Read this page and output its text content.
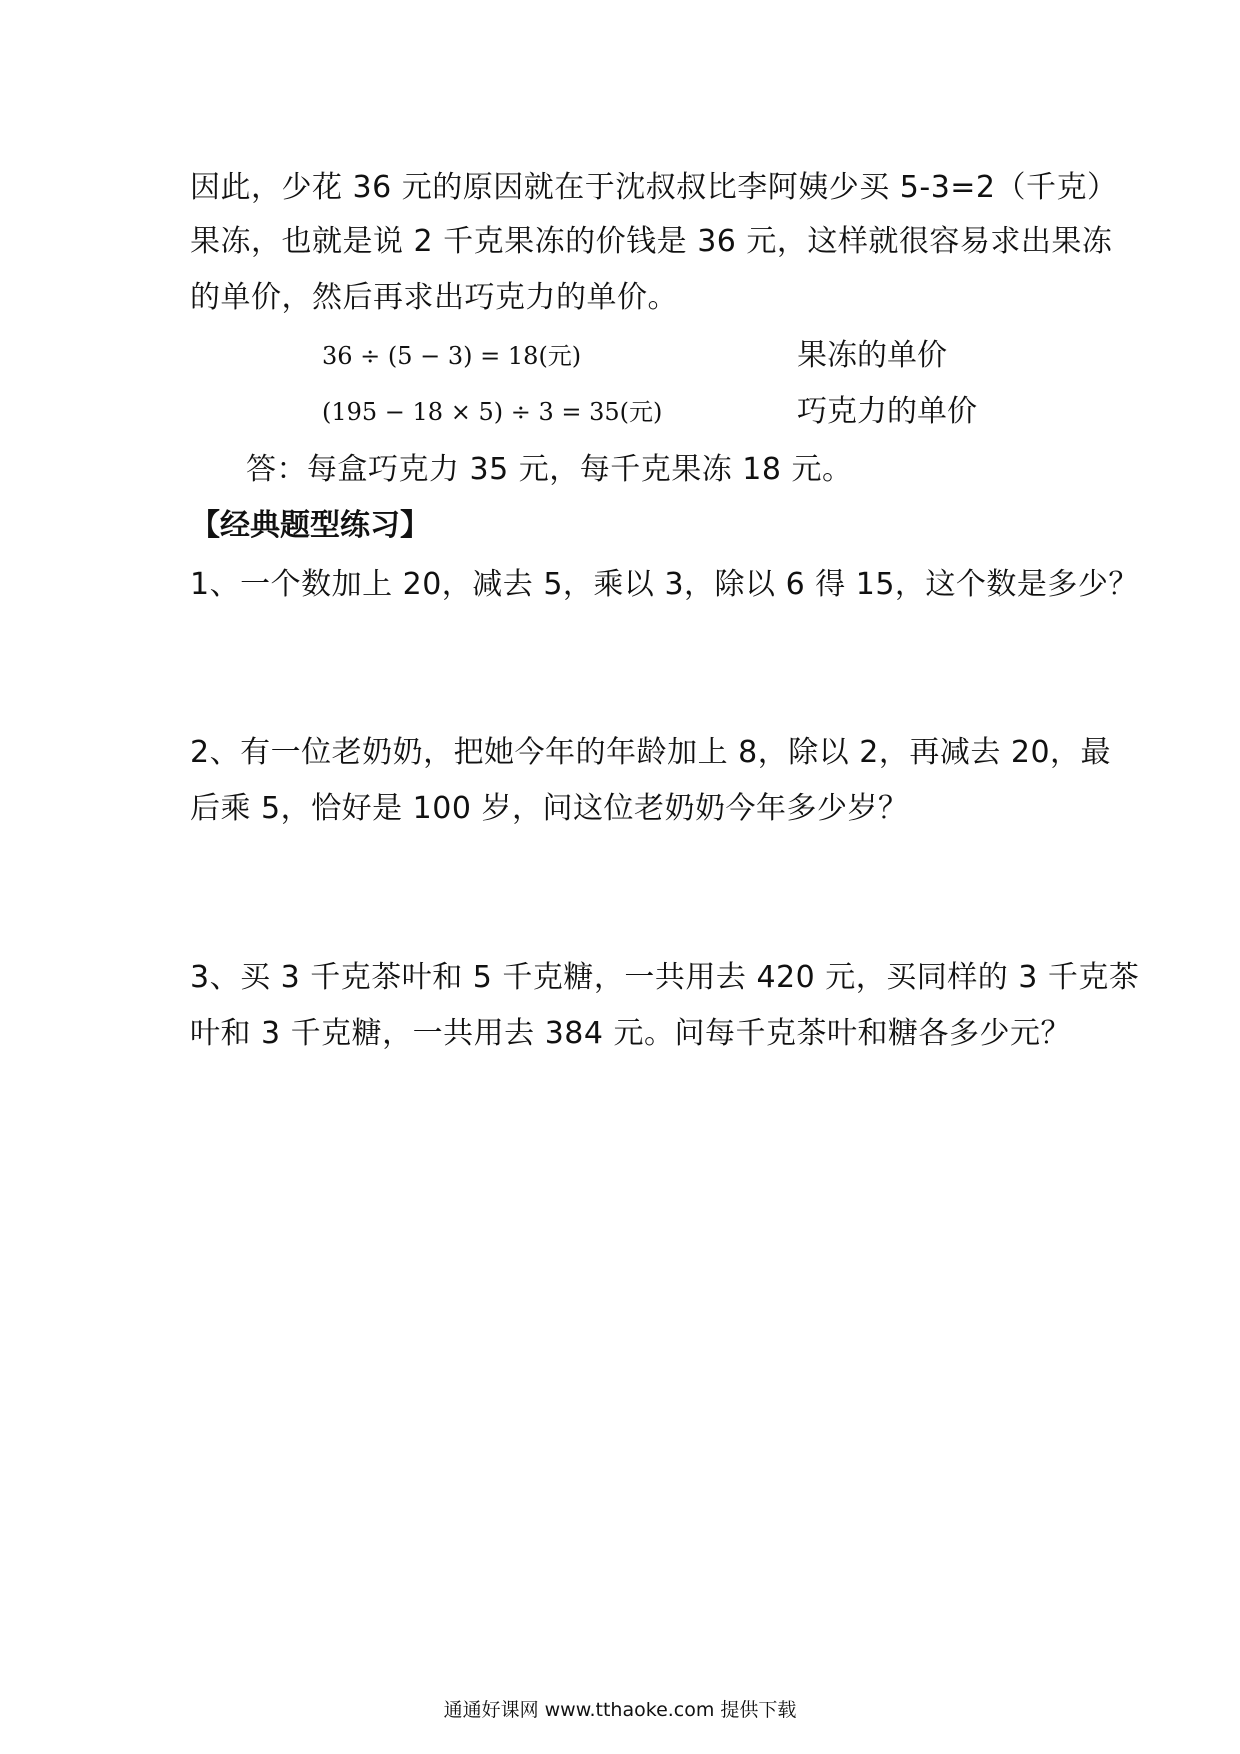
因此，少花 36 元的原因就在于沈叔叔比李阿姨少买 5-3=2（千克）
果冻，也就是说 2 千克果冻的价钱是 36 元，这样就很容易求出果冻
的单价，然后再求出巧克力的单价。
36 ÷ (5 − 3) = 18(元)	果冻的单价
(195 − 18 × 5) ÷ 3 = 35(元)	巧克力的单价
答：每盒巧克力 35 元，每千克果冻 18 元。
【经典题型练习】
1、一个数加上 20，减去 5，乘以 3，除以 6 得 15，这个数是多少？
2、有一位老奶奶，把她今年的年龄加上 8，除以 2，再减去 20，最
后乘 5，恰好是 100 岁，问这位老奶奶今年多少岁？
3、买 3 千克茶叶和 5 千克糖，一共用去 420 元，买同样的 3 千克茶
叶和 3 千克糖，一共用去 384 元。问每千克茶叶和糖各多少元？
通通好课网 www.tthaoke.com 提供下载
